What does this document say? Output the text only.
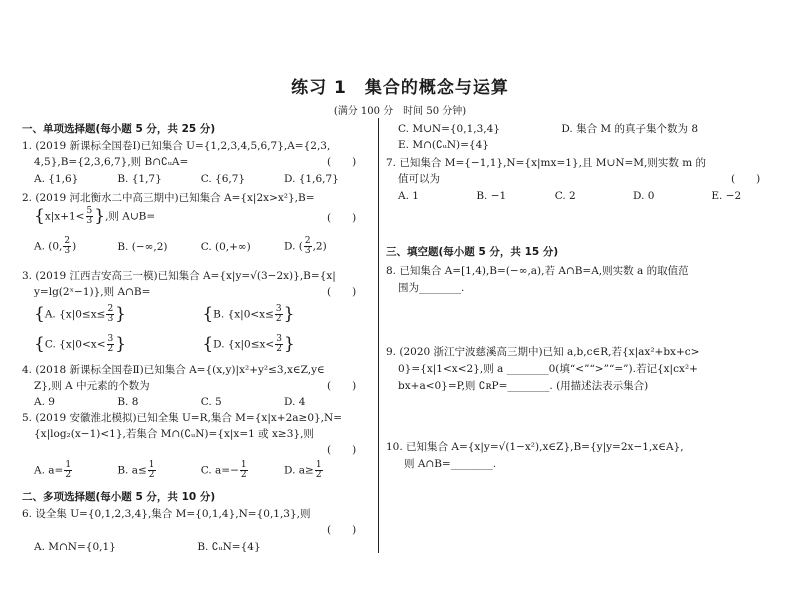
练习 1　集合的概念与运算
(满分 100 分　时间 50 分钟)
一、单项选择题(每小题 5 分，共 25 分)
1. (2019 新课标全国卷Ⅰ)已知集合 U={1,2,3,4,5,6,7},A={2,3,
4,5},B={2,3,6,7},则 B∩∁ᵤA=	(　　)
A. {1,6}	B. {1,7}	C. {6,7}	D. {1,6,7}
2. (2019 河北衡水二中高三期中)已知集合 A={x|2x>x²},B=
{$x|x+1< \frac{5}{3}$ },则 A∪B=	(　　)
A. (0, $\frac{2}{3}$ )	B. (−∞,2)	C. (0,+∞)	D. ( $\frac{2}{3} ,2$)
3. (2019 江西吉安高三一模)已知集合 A={x|y=√(3−2x)},B={x|
y=lg(2ˣ−1)},则 A∩B=	(　　)
{A. {$x|0\le x\le \frac{2}{3}$ }	{B. {$x|0<x\le \frac{3}{2}$ }
{C. {$x|0<x< \frac{3}{2}$ }	{D. {$x|0\le x< \frac{3}{2}$ }
4. (2018 新课标全国卷Ⅱ)已知集合 A={(x,y)|x²+y²≤3,x∈Z,y∈
Z},则 A 中元素的个数为	(　　)
A. 9	B. 8	C. 5	D. 4
5. (2019 安徽淮北模拟)已知全集 U=R,集合 M={x|x+2a≥0},N=
{x|log₂(x−1)<1},若集合 M∩(∁ᵤN)={x|x=1 或 x≥3},则
(　　)
A. $a= \frac{1}{2}$	B. $a\le \frac{1}{2}$	C. $a=- \frac{1}{2}$	D. $a\ge \frac{1}{2}$
二、多项选择题(每小题 5 分，共 10 分)
6. 设全集 U={0,1,2,3,4},集合 M={0,1,4},N={0,1,3},则
(　　)
A. M∩N={0,1}	B. ∁ᵤN={4}
C. M∪N={0,1,3,4}	D. 集合 M 的真子集个数为 8
E. M∩(∁ᵤN)={4}
7. 已知集合 M={−1,1},N={x|mx=1},且 M∪N=M,则实数 m 的
值可以为	(　　)
A. 1	B. −1	C. 2	D. 0	E. −2
三、填空题(每小题 5 分，共 15 分)
8. 已知集合 A=[1,4),B=(−∞,a),若 A∩B=A,则实数 a 的取值范
围为________.
9. (2020 浙江宁波慈溪高三期中)已知 a,b,c∈R,若{x|ax²+bx+c>
0}={x|1<x<2},则 a ________0(填“<”“>”“=”).若记{x|cx²+
bx+a<0}=P,则 ∁ʀP=________. (用描述法表示集合)
10. 已知集合 A={x|y=√(1−x²),x∈Z},B={y|y=2x−1,x∈A},
则 A∩B=________.
